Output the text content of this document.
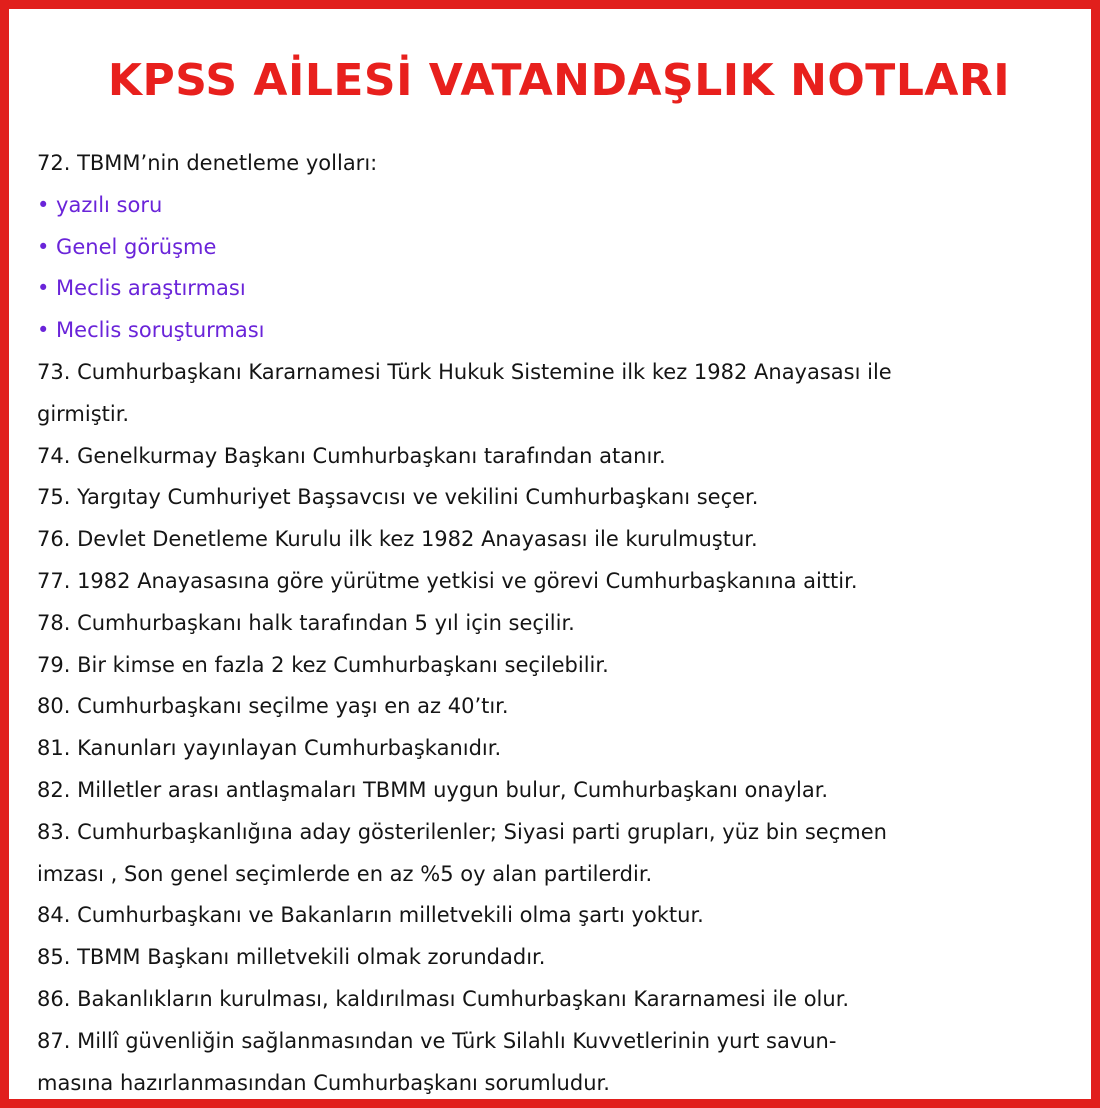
KPSS AİLESİ VATANDAŞLIK NOTLARI
72. TBMM’nin denetleme yolları:
• yazılı soru
• Genel görüşme
• Meclis araştırması
• Meclis soruşturması
73. Cumhurbaşkanı Kararnamesi Türk Hukuk Sistemine ilk kez 1982 Anayasası ile
girmiştir.
74. Genelkurmay Başkanı Cumhurbaşkanı tarafından atanır.
75. Yargıtay Cumhuriyet Başsavcısı ve vekilini Cumhurbaşkanı seçer.
76. Devlet Denetleme Kurulu ilk kez 1982 Anayasası ile kurulmuştur.
77. 1982 Anayasasına göre yürütme yetkisi ve görevi Cumhurbaşkanına aittir.
78. Cumhurbaşkanı halk tarafından 5 yıl için seçilir.
79. Bir kimse en fazla 2 kez Cumhurbaşkanı seçilebilir.
80. Cumhurbaşkanı seçilme yaşı en az 40’tır.
81. Kanunları yayınlayan Cumhurbaşkanıdır.
82. Milletler arası antlaşmaları TBMM uygun bulur, Cumhurbaşkanı onaylar.
83. Cumhurbaşkanlığına aday gösterilenler; Siyasi parti grupları, yüz bin seçmen
imzası , Son genel seçimlerde en az %5 oy alan partilerdir.
84. Cumhurbaşkanı ve Bakanların milletvekili olma şartı yoktur.
85. TBMM Başkanı milletvekili olmak zorundadır.
86. Bakanlıkların kurulması, kaldırılması Cumhurbaşkanı Kararnamesi ile olur.
87. Millî güvenliğin sağlanmasından ve Türk Silahlı Kuvvetlerinin yurt savun-
masına hazırlanmasından Cumhurbaşkanı sorumludur.
